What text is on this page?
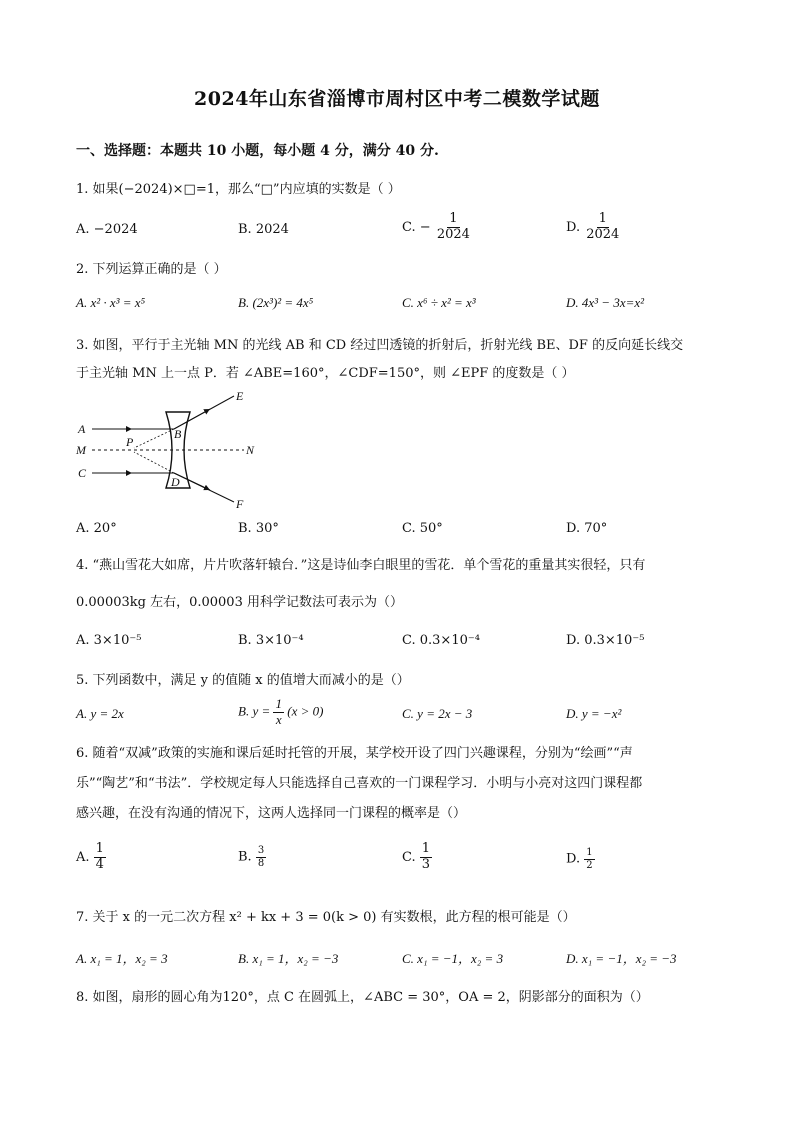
2024年山东省淄博市周村区中考二模数学试题
一、选择题：本题共 10 小题，每小题 4 分，满分 40 分.
1. 如果(−2024)×□=1，那么“□”内应填的实数是（ ）
A. −2024	B. 2024	C. − $\frac{1}{2024}$	D. $\frac{1}{2024}$
2. 下列运算正确的是（ ）
A. x² · x³ = x⁵	B. (2x³)² = 4x⁵	C. x⁶ ÷ x² = x³	D. 4x³ − 3x=x²
3. 如图，平行于主光轴 MN 的光线 AB 和 CD 经过凹透镜的折射后，折射光线 BE、DF 的反向延长线交
于主光轴 MN 上一点 P．若 ∠ABE=160°，∠CDF=150°，则 ∠EPF 的度数是（ ）
A
M
C
P
B
D
E
F
N
A. 20°	B. 30°	C. 50°	D. 70°
4. “燕山雪花大如席，片片吹落轩辕台．”这是诗仙李白眼里的雪花．单个雪花的重量其实很轻，只有
0.00003kg 左右，0.00003 用科学记数法可表示为（）
A. 3×10⁻⁵	B. 3×10⁻⁴	C. 0.3×10⁻⁴	D. 0.3×10⁻⁵
5. 下列函数中，满足 y 的值随 x 的值增大而减小的是（）
A. y = 2x	B. $y = \frac{1}{x} (x > 0)$	C. y = 2x − 3	D. y = −x²
6. 随着“双减”政策的实施和课后延时托管的开展，某学校开设了四门兴趣课程，分别为“绘画”“声
乐”“陶艺”和“书法”．学校规定每人只能选择自己喜欢的一门课程学习．小明与小亮对这四门课程都
感兴趣，在没有沟通的情况下，这两人选择同一门课程的概率是（）
A. $\frac{1}{4}$	B. $\frac{3}{8}$	C. $\frac{1}{3}$	D. $\frac{1}{2}$
7. 关于 x 的一元二次方程 x² + kx + 3 = 0(k > 0) 有实数根，此方程的根可能是（）
A. x₁ = 1，x₂ = 3	B. x₁ = 1，x₂ = −3	C. x₁ = −1，x₂ = 3	D. x₁ = −1，x₂ = −3
8. 如图，扇形的圆心角为120°，点 C 在圆弧上，∠ABC = 30°，OA = 2，阴影部分的面积为（）
